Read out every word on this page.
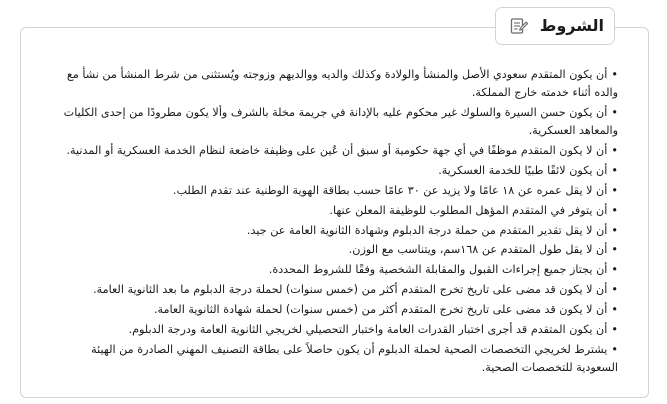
• أن يكون المتقدم سعودي الأصل والمنشأ والولادة وكذلك والديه ووالديهم وزوجته ويُستثنى من شرط المنشأ من نشأ مع والده أثناء خدمته خارج المملكة.
• أن يكون حسن السيرة والسلوك غير محكوم عليه بالإدانة في جريمة مخلة بالشرف وألا يكون مطرودًا من إحدى الكليات والمعاهد العسكرية.
• أن لا يكون المتقدم موظفًا في أي جهة حكومية أو سبق أن عُين على وظيفة خاضعة لنظام الخدمة العسكرية أو المدنية.
• أن يكون لائقًا طبيًا للخدمة العسكرية.
• أن لا يقل عمره عن ١٨ عامًا ولا يزيد عن ٣٠ عامًا حسب بطاقة الهوية الوطنية عند تقدم الطلب.
• أن يتوفر في المتقدم المؤهل المطلوب للوظيفة المعلن عنها.
• أن لا يقل تقدير المتقدم من حملة درجة الدبلوم وشهادة الثانوية العامة عن جيد.
• أن لا يقل طول المتقدم عن ١٦٨سم، ويتناسب مع الوزن.
• أن يجتاز جميع إجراءات القبول والمقابلة الشخصية وفقًا للشروط المحددة.
• أن لا يكون قد مضى على تاريخ تخرج المتقدم أكثر من (خمس سنوات) لحملة درجة الدبلوم ما بعد الثانوية العامة.
• أن لا يكون قد مضى على تاريخ تخرج المتقدم أكثر من (خمس سنوات) لحملة شهادة الثانوية العامة.
• أن يكون المتقدم قد أجرى اختبار القدرات العامة واختبار التحصيلي لخريجي الثانوية العامة ودرجة الدبلوم.
• يشترط لخريجي التخصصات الصحية لحملة الدبلوم أن يكون حاصلاً على بطاقة التصنيف المهني الصادرة من الهيئة السعودية للتخصصات الصحية.
الشروط
